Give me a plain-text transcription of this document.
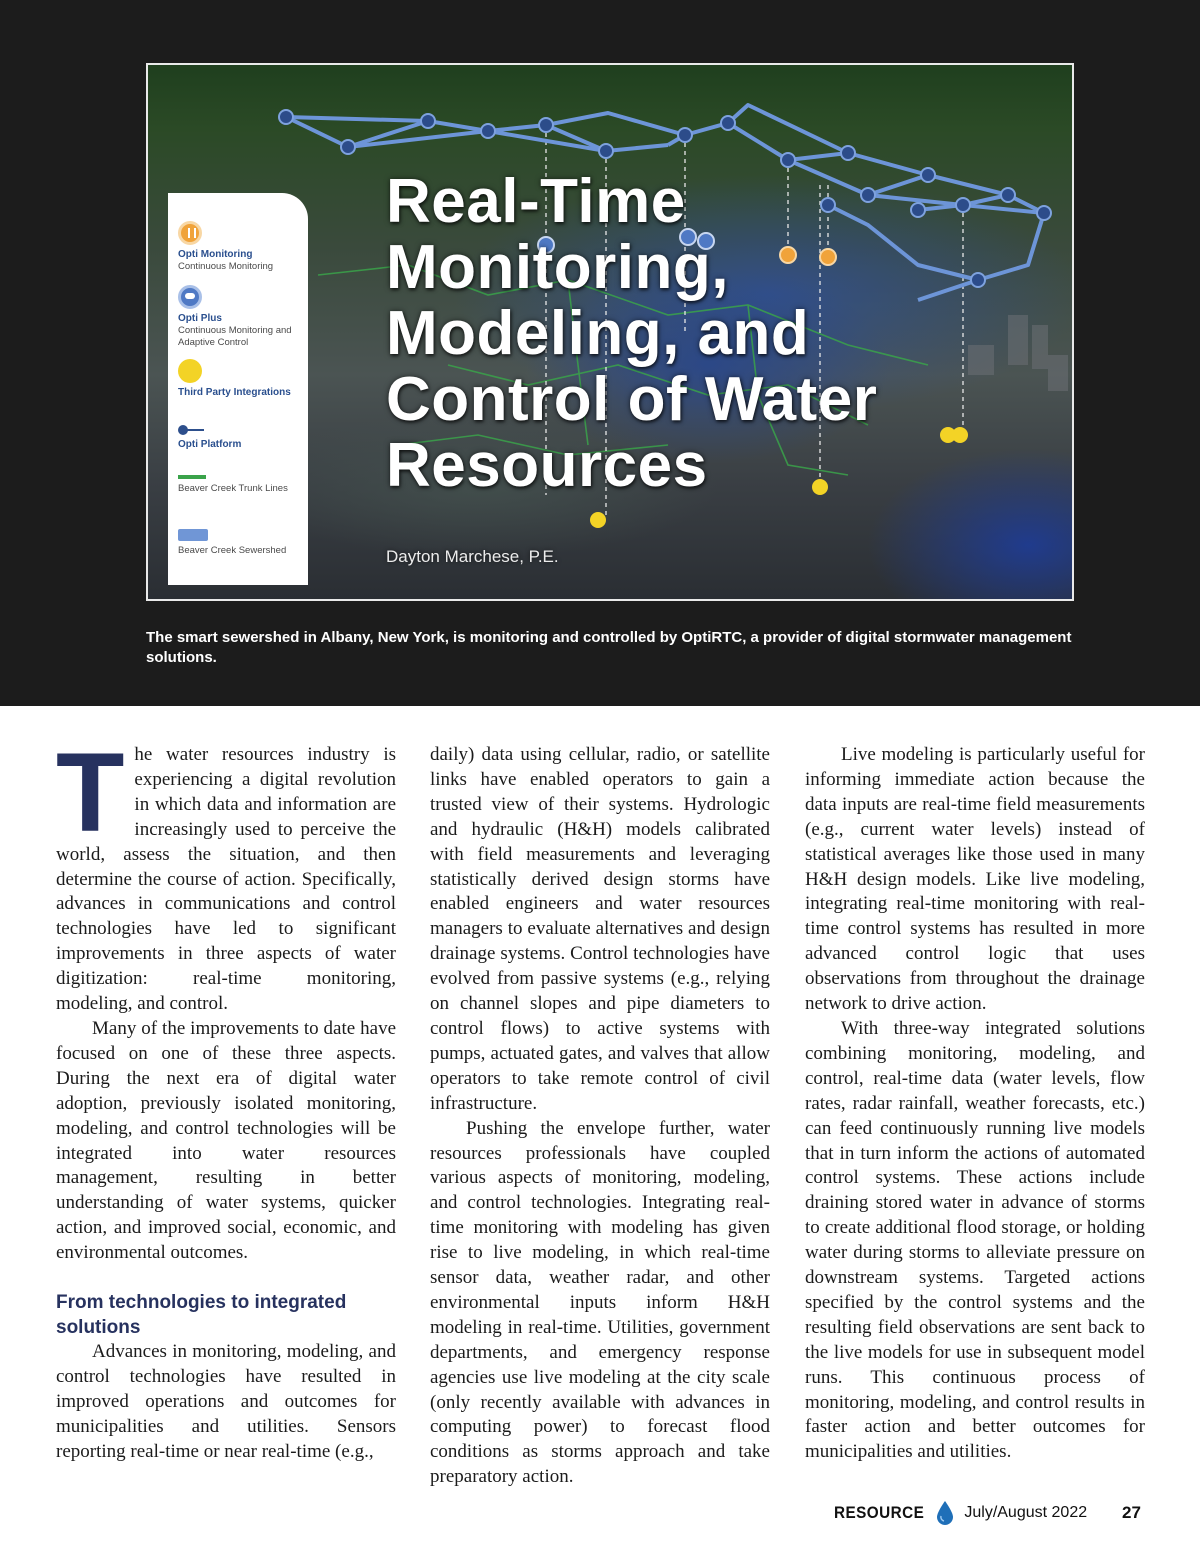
Opti Monitoring
Continuous Monitoring
Opti Plus
Continuous Monitoring and Adaptive Control
Third Party Integrations
Opti Platform
Beaver Creek Trunk Lines
Beaver Creek Sewershed
Real-Time Monitoring, Modeling, and Control of Water Resources
Dayton Marchese, P.E.
The smart sewershed in Albany, New York, is monitoring and controlled by OptiRTC, a provider of digital stormwater management solutions.
T he water resources industry is experiencing a digital revolution in which data and information are increasingly used to perceive the world, assess the situation, and then determine the course of action. Specifically, advances in communications and control technologies have led to significant improvements in three aspects of water digitization: real-time monitoring, modeling, and control.

Many of the improvements to date have focused on one of these three aspects. During the next era of digital water adoption, previously isolated monitoring, modeling, and control technologies will be integrated into water resources management, resulting in better understanding of water systems, quicker action, and improved social, economic, and environmental outcomes.

From technologies to integrated solutions

Advances in monitoring, modeling, and control technologies have resulted in improved operations and outcomes for municipalities and utilities. Sensors reporting real-time or near real-time (e.g.,

daily) data using cellular, radio, or satellite links have enabled operators to gain a trusted view of their systems. Hydrologic and hydraulic (H&H) models calibrated with field measurements and leveraging statistically derived design storms have enabled engineers and water resources managers to evaluate alternatives and design drainage systems. Control technologies have evolved from passive systems (e.g., relying on channel slopes and pipe diameters to control flows) to active systems with pumps, actuated gates, and valves that allow operators to take remote control of civil infrastructure.

Pushing the envelope further, water resources professionals have coupled various aspects of monitoring, modeling, and control technologies. Integrating real-time monitoring with modeling has given rise to live modeling, in which real-time sensor data, weather radar, and other environmental inputs inform H&H modeling in real-time. Utilities, government departments, and emergency response agencies use live modeling at the city scale (only recently available with advances in computing power) to forecast flood conditions as storms approach and take preparatory action.

Live modeling is particularly useful for informing immediate action because the data inputs are real-time field measurements (e.g., current water levels) instead of statistical averages like those used in many H&H design models. Like live modeling, integrating real-time monitoring with real-time control systems has resulted in more advanced control logic that uses observations from throughout the drainage network to drive action.

With three-way integrated solutions combining monitoring, modeling, and control, real-time data (water levels, flow rates, radar rainfall, weather forecasts, etc.) can feed continuously running live models that in turn inform the actions of automated control systems. These actions include draining stored water in advance of storms to create additional flood storage, or holding water during storms to alleviate pressure on downstream systems. Targeted actions specified by the control systems and the resulting field observations are sent back to the live models for use in subsequent model runs. This continuous process of monitoring, modeling, and control results in faster action and better outcomes for municipalities and utilities.

RESOURCE	July/August 2022 27
